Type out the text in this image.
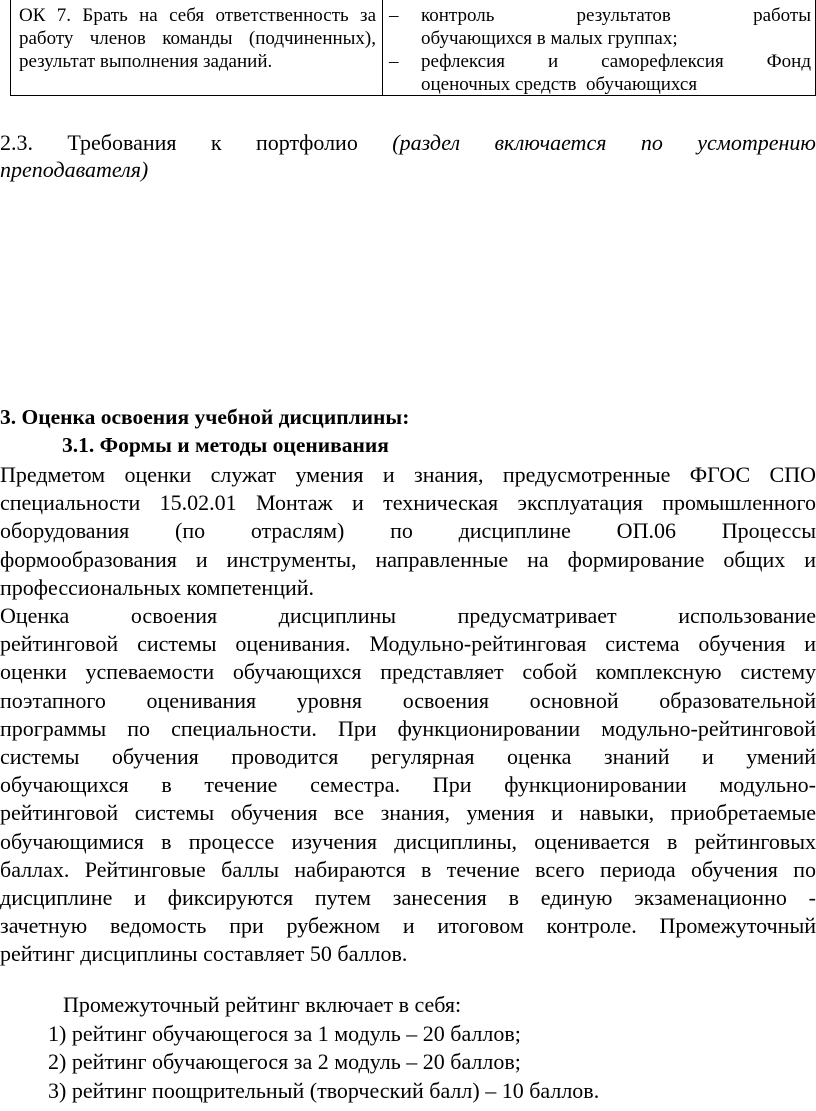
ОК 7. Брать на себя ответственность за
работу членов команды (подчиненных),
результат выполнения заданий.
–	контроль      результатов      работы
обучающихся в малых группах;
–	рефлексия     и     саморефлексия     Фонд
оценочных средств  обучающихся
2.3. Требования к портфолио (раздел включается по усмотрению
преподавателя)
3. Оценка освоения учебной дисциплины:
3.1. Формы и методы оценивания
Предметом оценки служат умения и знания, предусмотренные ФГОС СПО
специальности 15.02.01 Монтаж и техническая эксплуатация промышленного
оборудования (по отраслям) по дисциплине ОП.06 Процессы
формообразования и инструменты, направленные на формирование общих и
профессиональных компетенций.
Оценка освоения дисциплины предусматривает использование
рейтинговой системы оценивания. Модульно-рейтинговая система обучения и
оценки успеваемости обучающихся представляет собой комплексную систему
поэтапного оценивания уровня освоения основной образовательной
программы по специальности. При функционировании модульно-рейтинговой
системы обучения проводится регулярная оценка знаний и умений
обучающихся в течение семестра. При функционировании модульно-
рейтинговой системы обучения все знания, умения и навыки, приобретаемые
обучающимися в процессе изучения дисциплины, оценивается в рейтинговых
баллах. Рейтинговые баллы набираются в течение всего периода обучения по
дисциплине и фиксируются путем занесения в единую экзаменационно -
зачетную ведомость при рубежном и итоговом контроле. Промежуточный
рейтинг дисциплины составляет 50 баллов.
Промежуточный рейтинг включает в себя:
1) рейтинг обучающегося за 1 модуль – 20 баллов;
2) рейтинг обучающегося за 2 модуль – 20 баллов;
3) рейтинг поощрительный (творческий балл) – 10 баллов.
